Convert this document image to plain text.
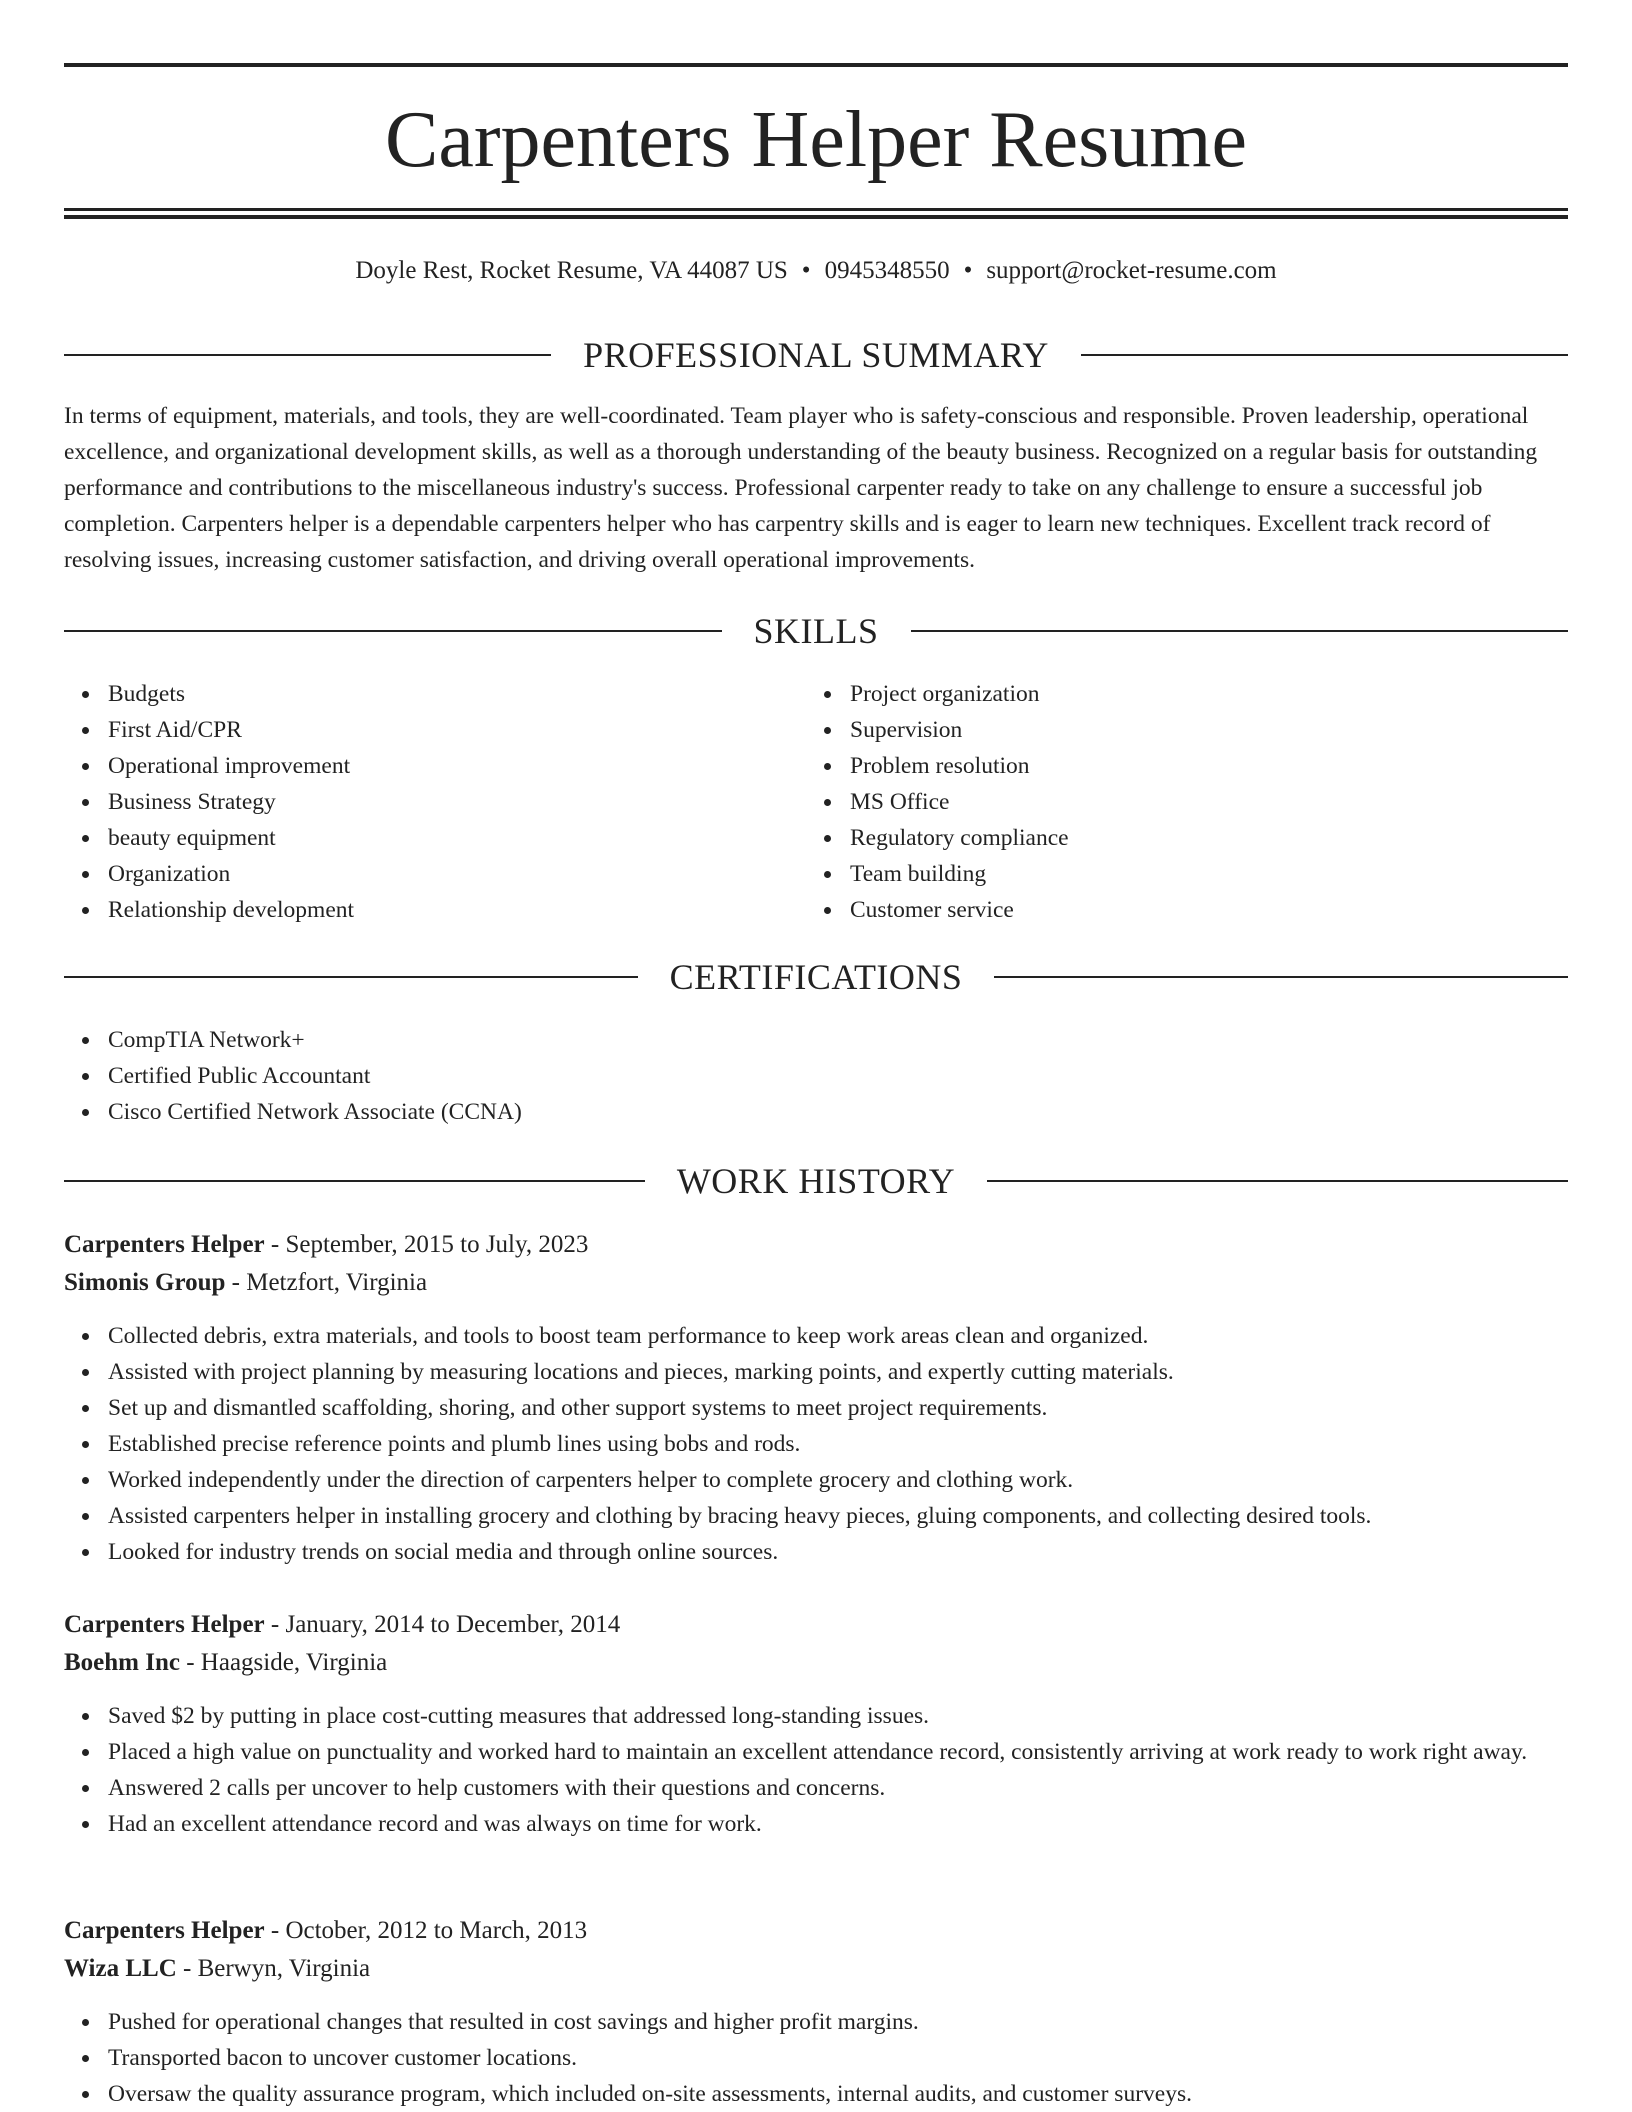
Carpenters Helper Resume
Doyle Rest, Rocket Resume, VA 44087 US • 0945348550 • support@rocket-resume.com
PROFESSIONAL SUMMARY

In terms of equipment, materials, and tools, they are well-coordinated. Team player who is safety-conscious and responsible. Proven leadership, operational excellence, and organizational development skills, as well as a thorough understanding of the beauty business. Recognized on a regular basis for outstanding performance and contributions to the miscellaneous industry's success. Professional carpenter ready to take on any challenge to ensure a successful job completion. Carpenters helper is a dependable carpenters helper who has carpentry skills and is eager to learn new techniques. Excellent track record of resolving issues, increasing customer satisfaction, and driving overall operational improvements.

SKILLS
Budgets
First Aid/CPR
Operational improvement
Business Strategy
beauty equipment
Organization
Relationship development
Project organization
Supervision
Problem resolution
MS Office
Regulatory compliance
Team building
Customer service
CERTIFICATIONS
CompTIA Network+
Certified Public Accountant
Cisco Certified Network Associate (CCNA)
WORK HISTORY
Carpenters Helper - September, 2015 to July, 2023
Simonis Group - Metzfort, Virginia
Collected debris, extra materials, and tools to boost team performance to keep work areas clean and organized.
Assisted with project planning by measuring locations and pieces, marking points, and expertly cutting materials.
Set up and dismantled scaffolding, shoring, and other support systems to meet project requirements.
Established precise reference points and plumb lines using bobs and rods.
Worked independently under the direction of carpenters helper to complete grocery and clothing work.
Assisted carpenters helper in installing grocery and clothing by bracing heavy pieces, gluing components, and collecting desired tools.
Looked for industry trends on social media and through online sources.
Carpenters Helper - January, 2014 to December, 2014
Boehm Inc - Haagside, Virginia
Saved $2 by putting in place cost-cutting measures that addressed long-standing issues.
Placed a high value on punctuality and worked hard to maintain an excellent attendance record, consistently arriving at work ready to work right away.
Answered 2 calls per uncover to help customers with their questions and concerns.
Had an excellent attendance record and was always on time for work.
Carpenters Helper - October, 2012 to March, 2013
Wiza LLC - Berwyn, Virginia
Pushed for operational changes that resulted in cost savings and higher profit margins.
Transported bacon to uncover customer locations.
Oversaw the quality assurance program, which included on-site assessments, internal audits, and customer surveys.
